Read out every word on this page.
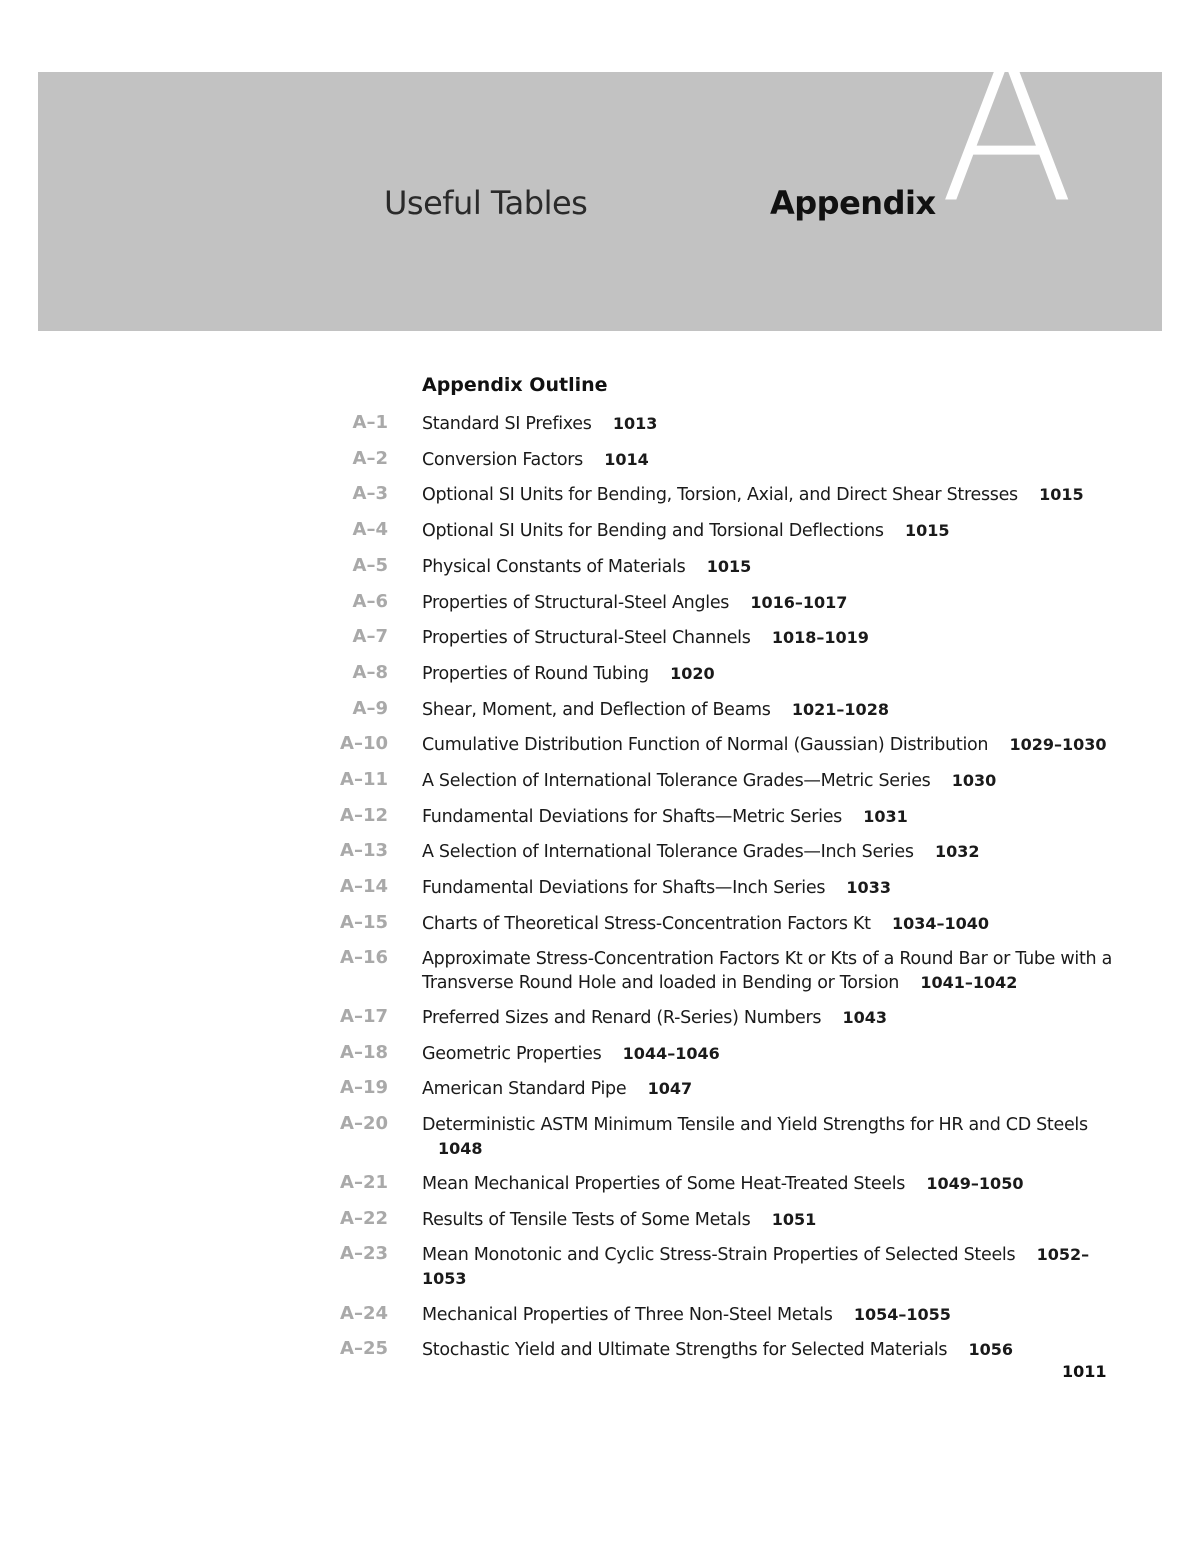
Useful Tables	Appendix A
Appendix Outline
A–1 Standard SI Prefixes 1013
A–2 Conversion Factors 1014
A–3 Optional SI Units for Bending, Torsion, Axial, and Direct Shear Stresses 1015
A–4 Optional SI Units for Bending and Torsional Deflections 1015
A–5 Physical Constants of Materials 1015
A–6 Properties of Structural-Steel Angles 1016–1017
A–7 Properties of Structural-Steel Channels 1018–1019
A–8 Properties of Round Tubing 1020
A–9 Shear, Moment, and Deflection of Beams 1021–1028
A–10 Cumulative Distribution Function of Normal (Gaussian) Distribution 1029–1030
A–11 A Selection of International Tolerance Grades—Metric Series 1030
A–12 Fundamental Deviations for Shafts—Metric Series 1031
A–13 A Selection of International Tolerance Grades—Inch Series 1032
A–14 Fundamental Deviations for Shafts—Inch Series 1033
A–15 Charts of Theoretical Stress-Concentration Factors Kt 1034–1040
A–16 Approximate Stress-Concentration Factors Kt or Kts of a Round Bar or Tube with a Transverse Round Hole and loaded in Bending or Torsion 1041–1042
A–17 Preferred Sizes and Renard (R-Series) Numbers 1043
A–18 Geometric Properties 1044–1046
A–19 American Standard Pipe 1047
A–20 Deterministic ASTM Minimum Tensile and Yield Strengths for HR and CD Steels 1048
A–21 Mean Mechanical Properties of Some Heat-Treated Steels 1049–1050
A–22 Results of Tensile Tests of Some Metals 1051
A–23 Mean Monotonic and Cyclic Stress-Strain Properties of Selected Steels 1052–1053
A–24 Mechanical Properties of Three Non-Steel Metals 1054–1055
A–25 Stochastic Yield and Ultimate Strengths for Selected Materials 1056
1011
